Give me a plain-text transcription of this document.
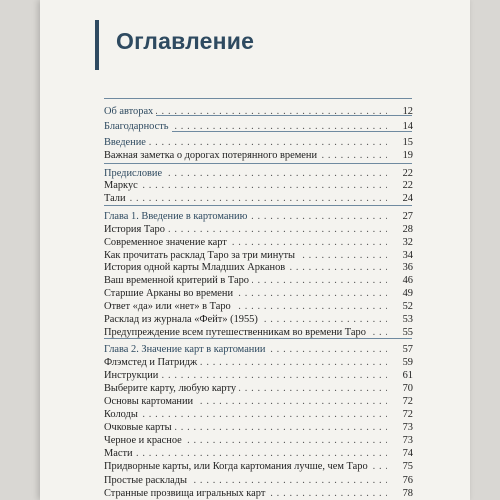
Оглавление
Об авторах . . .	12
Благодарность . . .	14
Введение . . .	15
Важная заметка о дорогах потерянного времени . . .	19
Предисловие . . .	22
Маркус . . .	22
Тали . . .	24
Глава 1. Введение в картоманию . . .	27
История Таро . . .	28
Современное значение карт . . .	32
Как прочитать расклад Таро за три минуты . . .	34
История одной карты Младших Арканов . . .	36
Ваш временной критерий в Таро . . .	46
Старшие Арканы во времени . . .	49
Ответ «да» или «нет» в Таро . . .	52
Расклад из журнала «Фейт» (1955) . . .	53
Предупреждение всем путешественникам во времени Таро . . .	55
Глава 2. Значение карт в картомании . . .	57
Флэмстед и Патридж . . .	59
Инструкции . . .	61
Выберите карту, любую карту . . .	70
Основы картомании . . .	72
Колоды . . .	72
Очковые карты . . .	73
Черное и красное . . .	73
Масти . . .	74
Придворные карты, или Когда картомания лучше, чем Таро . . .	75
Простые расклады . . .	76
Странные прозвища игральных карт . . .	78
